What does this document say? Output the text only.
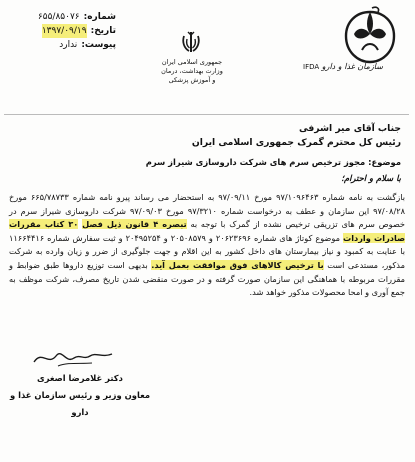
سازمان غذا و دارو IFDA
جمهوری اسلامی ایران
وزارت بهداشت، درمان
و آموزش پزشکی
شماره:
۶۵۵/۸۵۰۷۶
تاریخ:
۱۳۹۷/۰۹/۱۹
پیوست:
ندارد
جناب آقای میر اشرفی
رئیس کل محترم گمرک جمهوری اسلامی ایران
موضوع: مجوز ترخیص سرم های شرکت داروسازی شیراز سرم
با سلام و احترام؛
بازگشت به نامه شماره ۹۷/۱۰۹۶۴۶۳ مورخ ۹۷/۰۹/۱۱ به استحضار می رساند پیرو نامه شماره ۶۶۵/۷۸۷۳۳ مورخ ۹۷/۰۸/۲۸ این سازمان و عطف به درخواست شماره ۹۷/۳۲۱۰ مورخ ۹۷/۰۹/۰۳ شرکت داروسازی شیراز سرم در خصوص سرم های تزریقی ترخیص نشده از گمرک با توجه به تبصره ۴ قانون ذیل فصل ۳۰ کتاب مقررات صادرات واردات موضوع کوتاژ های شماره ۲۰۶۲۳۶۹۶ و ۲۰۵۰۸۵۷۹ و ۲۰۴۹۵۲۵۴ و ثبت سفارش شماره ۱۱۶۶۴۴۱۶ با عنایت به کمبود و نیاز بیمارستان های داخل کشور به این اقلام و جهت جلوگیری از ضرر و زیان وارده به شرکت مذکور، مستدعی است با ترخیص کالاهای فوق موافقت بعمل آید. بدیهی است توزیع داروها طبق ضوابط و مقررات مربوطه با هماهنگی این سازمان صورت گرفته و در صورت منقضی شدن تاریخ مصرف، شرکت موظف به جمع آوری و امحا محصولات مذکور خواهد شد.
دکتر غلامرضا اصغری
معاون وزیر و رئیس سازمان غذا و دارو
